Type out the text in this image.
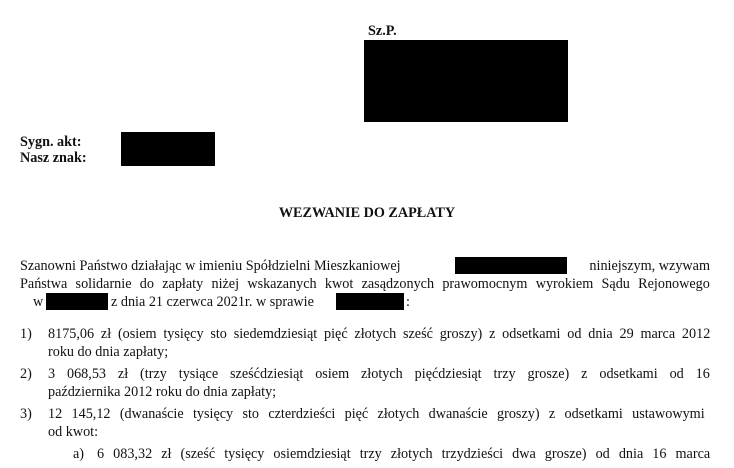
Sz.P.
Sygn. akt:
Nasz znak:
WEZWANIE DO ZAPŁATY
Szanowni Państwo działając w imieniu Spółdzielni Mieszkaniowej	niniejszym, wzywam
Państwa solidarnie do zapłaty niżej wskazanych kwot zasądzonych prawomocnym wyrokiem Sądu Rejonowego
w	z dnia 21 czerwca 2021r. w sprawie	:
1) 8175,06 zł (osiem tysięcy sto siedemdziesiąt pięć złotych sześć groszy) z odsetkami od dnia 29 marca 2012
roku do dnia zapłaty;
2) 3 068,53 zł (trzy tysiące sześćdziesiąt osiem złotych pięćdziesiąt trzy grosze) z odsetkami od 16
października 2012 roku do dnia zapłaty;
3) 12 145,12 (dwanaście tysięcy sto czterdzieści pięć złotych dwanaście groszy) z odsetkami ustawowymi
od kwot:
a) 6 083,32 zł (sześć tysięcy osiemdziesiąt trzy złotych trzydzieści dwa grosze) od dnia 16 marca
